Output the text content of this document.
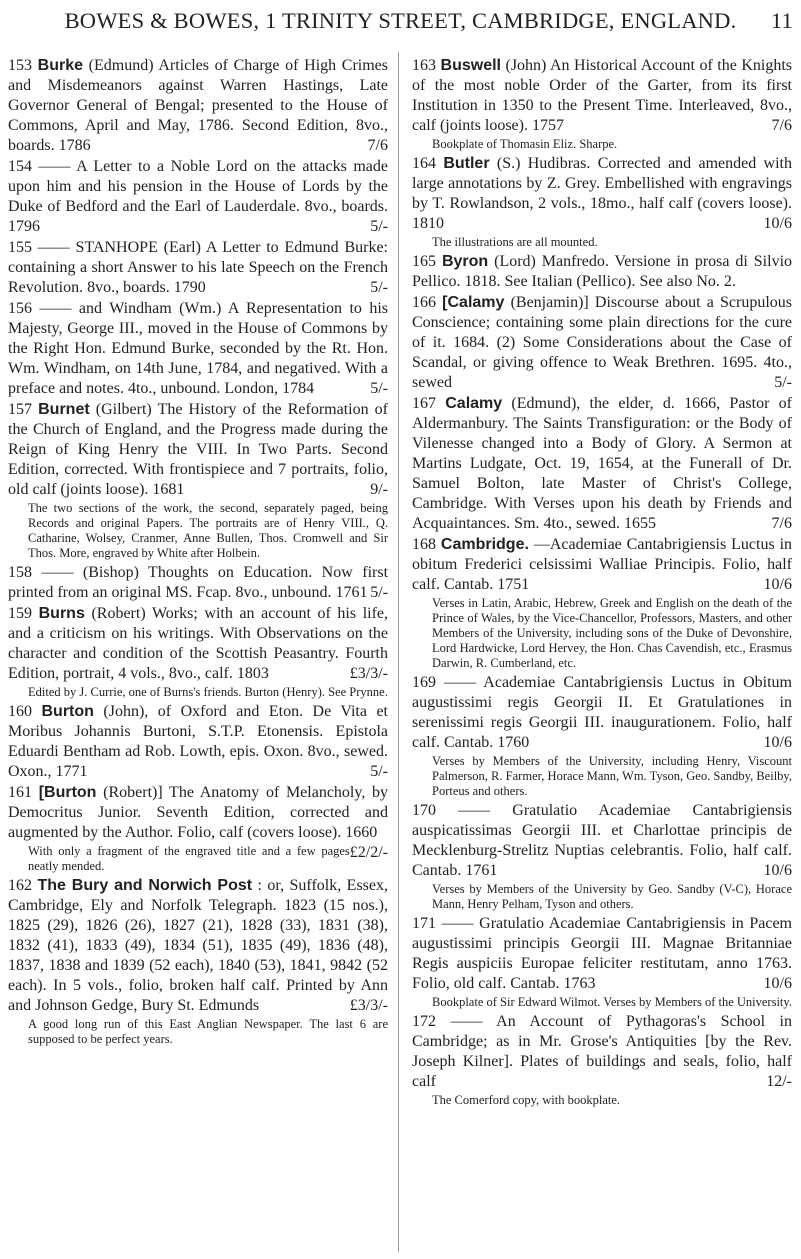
BOWES & BOWES, 1 TRINITY STREET, CAMBRIDGE, ENGLAND. 11
153 Burke (Edmund) Articles of Charge of High Crimes and Misdemeanors against Warren Hastings, Late Governor General of Bengal; presented to the House of Commons, April and May, 1786. Second Edition, 8vo., boards. 1786	7/6
154 —— A Letter to a Noble Lord on the attacks made upon him and his pension in the House of Lords by the Duke of Bedford and the Earl of Lauderdale. 8vo., boards. 1796	5/-
155 —— STANHOPE (Earl) A Letter to Edmund Burke: containing a short Answer to his late Speech on the French Revolution. 8vo., boards. 1790	5/-
156 —— and Windham (Wm.) A Representation to his Majesty, George III., moved in the House of Commons by the Right Hon. Edmund Burke, seconded by the Rt. Hon. Wm. Windham, on 14th June, 1784, and negatived. With a preface and notes. 4to., unbound. London, 1784	5/-
157 Burnet (Gilbert) The History of the Reformation of the Church of England, and the Progress made during the Reign of King Henry the VIII. In Two Parts. Second Edition, corrected. With frontispiece and 7 portraits, folio, old calf (joints loose). 1681	9/-
The two sections of the work, the second, separately paged, being Records and original Papers. The portraits are of Henry VIII., Q. Catharine, Wolsey, Cranmer, Anne Bullen, Thos. Cromwell and Sir Thos. More, engraved by White after Holbein.
158 —— (Bishop) Thoughts on Education. Now first printed from an original MS. Fcap. 8vo., unbound. 1761 5/-
159 Burns (Robert) Works; with an account of his life, and a criticism on his writings. With Observations on the character and condition of the Scottish Peasantry. Fourth Edition, portrait, 4 vols., 8vo., calf. 1803	£3/3/-
Edited by J. Currie, one of Burns's friends. Burton (Henry). See Prynne.
160 Burton (John), of Oxford and Eton. De Vita et Moribus Johannis Burtoni, S.T.P. Etonensis. Epistola Eduardi Bentham ad Rob. Lowth, epis. Oxon. 8vo., sewed. Oxon., 1771	5/-
161 [Burton (Robert)] The Anatomy of Melancholy, by Democritus Junior. Seventh Edition, corrected and augmented by the Author. Folio, calf (covers loose). 1660
£2/2/-
With only a fragment of the engraved title and a few pages neatly mended.
162 The Bury and Norwich Post : or, Suffolk, Essex, Cambridge, Ely and Norfolk Telegraph. 1823 (15 nos.), 1825 (29), 1826 (26), 1827 (21), 1828 (33), 1831 (38), 1832 (41), 1833 (49), 1834 (51), 1835 (49), 1836 (48), 1837, 1838 and 1839 (52 each), 1840 (53), 1841, 9842 (52 each). In 5 vols., folio, broken half calf. Printed by Ann and Johnson Gedge, Bury St. Edmunds	£3/3/-
A good long run of this East Anglian Newspaper. The last 6 are supposed to be perfect years.
163 Buswell (John) An Historical Account of the Knights of the most noble Order of the Garter, from its first Institution in 1350 to the Present Time. Interleaved, 8vo., calf (joints loose). 1757	7/6
Bookplate of Thomasin Eliz. Sharpe.
164 Butler (S.) Hudibras. Corrected and amended with large annotations by Z. Grey. Embellished with engravings by T. Rowlandson, 2 vols., 18mo., half calf (covers loose). 1810	10/6
The illustrations are all mounted.
165 Byron (Lord) Manfredo. Versione in prosa di Silvio Pellico. 1818. See Italian (Pellico). See also No. 2.
166 [Calamy (Benjamin)] Discourse about a Scrupulous Conscience; containing some plain directions for the cure of it. 1684. (2) Some Considerations about the Case of Scandal, or giving offence to Weak Brethren. 1695. 4to., sewed	5/-
167 Calamy (Edmund), the elder, d. 1666, Pastor of Aldermanbury. The Saints Transfiguration: or the Body of Vilenesse changed into a Body of Glory. A Sermon at Martins Ludgate, Oct. 19, 1654, at the Funerall of Dr. Samuel Bolton, late Master of Christ's College, Cambridge. With Verses upon his death by Friends and Acquaintances. Sm. 4to., sewed. 1655	7/6
168 Cambridge. —Academiae Cantabrigiensis Luctus in obitum Frederici celsissimi Walliae Principis. Folio, half calf. Cantab. 1751	10/6
Verses in Latin, Arabic, Hebrew, Greek and English on the death of the Prince of Wales, by the Vice-Chancellor, Professors, Masters, and other Members of the University, including sons of the Duke of Devonshire, Lord Hardwicke, Lord Hervey, the Hon. Chas Cavendish, etc., Erasmus Darwin, R. Cumberland, etc.
169 —— Academiae Cantabrigiensis Luctus in Obitum augustissimi regis Georgii II. Et Gratulationes in serenissimi regis Georgii III. inaugurationem. Folio, half calf. Cantab. 1760	10/6
Verses by Members of the University, including Henry, Viscount Palmerson, R. Farmer, Horace Mann, Wm. Tyson, Geo. Sandby, Beilby, Porteus and others.
170 —— Gratulatio Academiae Cantabrigiensis auspicatissimas Georgii III. et Charlottae principis de Mecklenburg-Strelitz Nuptias celebrantis. Folio, half calf. Cantab. 1761	10/6
Verses by Members of the University by Geo. Sandby (V-C), Horace Mann, Henry Pelham, Tyson and others.
171 —— Gratulatio Academiae Cantabrigiensis in Pacem augustissimi principis Georgii III. Magnae Britanniae Regis auspiciis Europae feliciter restitutam, anno 1763. Folio, old calf. Cantab. 1763	10/6
Bookplate of Sir Edward Wilmot. Verses by Members of the University.
172 —— An Account of Pythagoras's School in Cambridge; as in Mr. Grose's Antiquities [by the Rev. Joseph Kilner]. Plates of buildings and seals, folio, half calf	12/-
The Comerford copy, with bookplate.
